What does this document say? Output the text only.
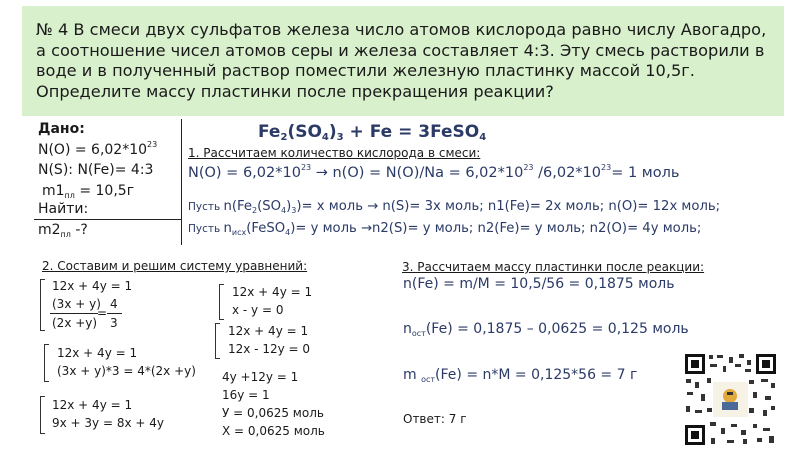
№ 4 В смеси двух сульфатов железа число атомов кислорода равно числу Авогадро, а соотношение чисел атомов серы и железа составляет 4:3. Эту смесь растворили в воде и в полученный раствор поместили железную пластинку массой 10,5г. Определите массу пластинки после прекращения реакции?
Дано:
$N(O) = 6,02*10^{23}$
N(S): N(Fe)= 4:3
$m1_{пл} = 10,5г$
Найти:
$m2_{пл}$ -?
$Fe_2(SO_4)_3 + Fe$ = 3FeSO$_4$
1. Рассчитаем количество кислорода в смеси:
$N(O) = 6,02*10^{23} \to n(O) = N(O)/Na = 6,02*10^{23}$ $/6,02*10^{23}= 1$ моль
Пусть $n(Fe_2(SO_4)_3)= x$ моль → n(S)= 3x моль; n1(Fe)= 2x моль; n(O)= 12x моль;
Пусть $n_{исх}(FeSO_4)= y$ моль →n2(S)= y моль; n2(Fe)= y моль; n2(O)= 4y моль;
2. Составим и решим систему уравнений:
12x + 4y = 1
(3x + y)
(2x +y)
=
4
3
12x + 4y = 1
(3x + y)*3 = 4*(2x +y)
12x + 4y = 1
9x + 3y = 8x + 4y
12x + 4y = 1
x - y = 0
12x + 4y = 1
12x - 12y = 0
4y +12y = 1
16y = 1
У = 0,0625 моль
Х = 0,0625 моль
3. Рассчитаем массу пластинки после реакции:
n(Fe) = m/M = 10,5/56 = 0,1875 моль
$n_{ост}(Fe) = 0,1875 - 0,0625 = 0,125$ моль
m $_{ост}$(Fe) = n*M = 0,125*56 = 7 г
Ответ: 7 г
